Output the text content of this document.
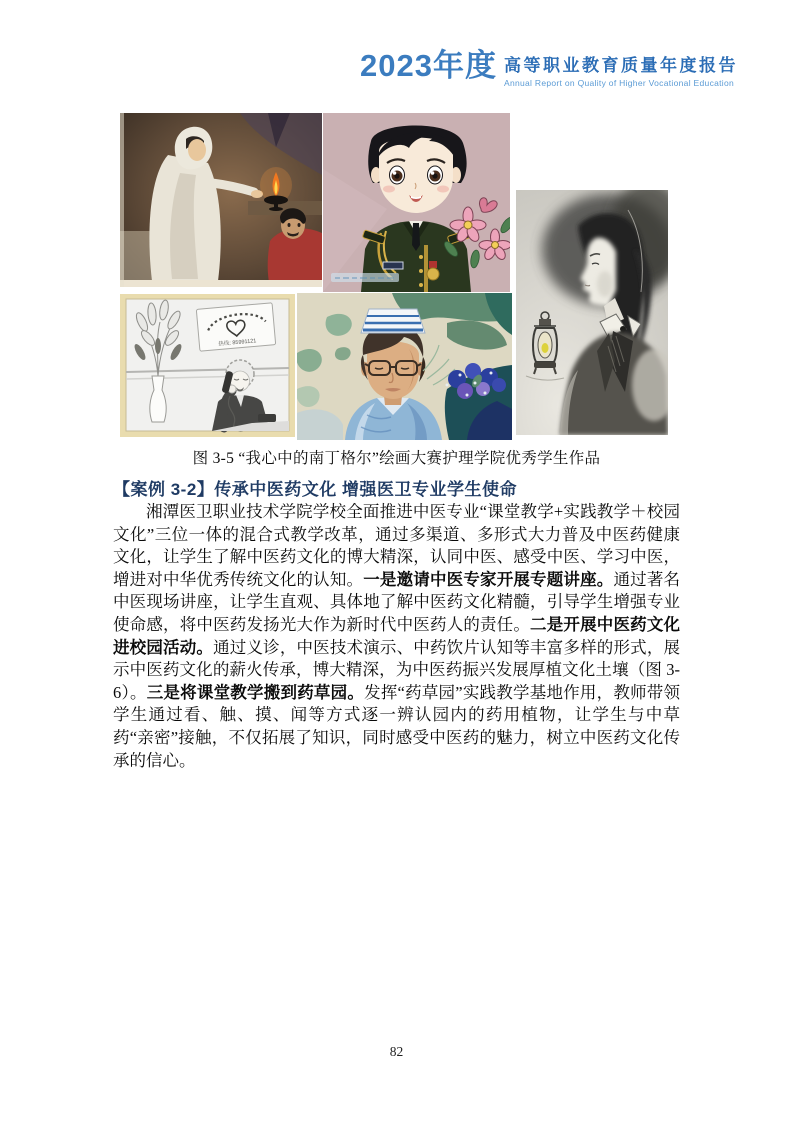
2023年度 高等职业教育质量年度报告
Annual Report on Quality of Higher Vocational Education
热线: 85991121
图 3-5 “我心中的南丁格尔”绘画大赛护理学院优秀学生作品
【案例 3-2】传承中医药文化 增强医卫专业学生使命
湘潭医卫职业技术学院学校全面推进中医专业“课堂教学+实践教学＋校园文化”三位一体的混合式教学改革，通过多渠道、多形式大力普及中医药健康文化，让学生了解中医药文化的博大精深，认同中医、感受中医、学习中医，增进对中华优秀传统文化的认知。一是邀请中医专家开展专题讲座。通过著名中医现场讲座，让学生直观、具体地了解中医药文化精髓，引导学生增强专业使命感，将中医药发扬光大作为新时代中医药人的责任。二是开展中医药文化进校园活动。通过义诊，中医技术演示、中药饮片认知等丰富多样的形式，展示中医药文化的薪火传承，博大精深，为中医药振兴发展厚植文化土壤（图 3-6）。三是将课堂教学搬到药草园。发挥“药草园”实践教学基地作用，教师带领学生通过看、触、摸、闻等方式逐一辨认园内的药用植物，让学生与中草药“亲密”接触，不仅拓展了知识，同时感受中医药的魅力，树立中医药文化传承的信心。
82
